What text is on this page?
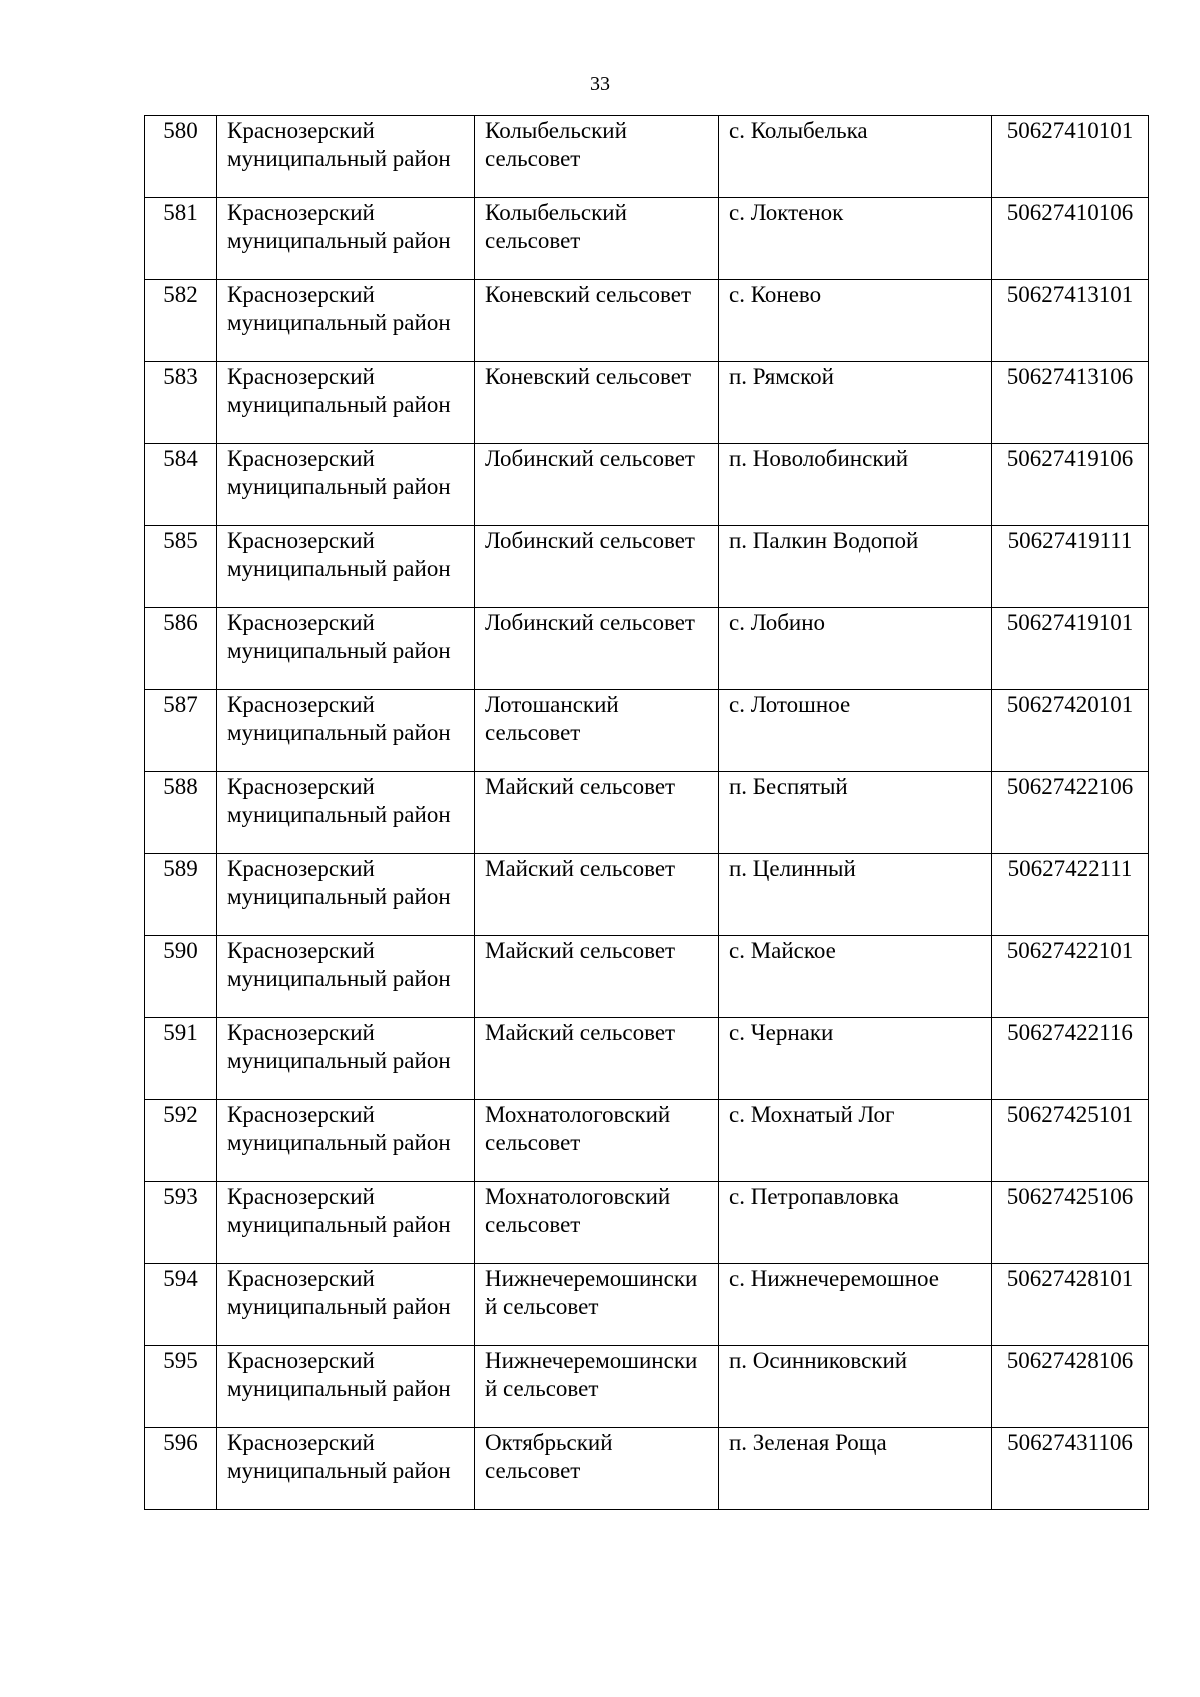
33
580	Краснозерский муниципальный район	Колыбельский сельсовет	с. Колыбелька	50627410101
581	Краснозерский муниципальный район	Колыбельский сельсовет	с. Локтенок	50627410106
582	Краснозерский муниципальный район	Коневский сельсовет	с. Конево	50627413101
583	Краснозерский муниципальный район	Коневский сельсовет	п. Рямской	50627413106
584	Краснозерский муниципальный район	Лобинский сельсовет	п. Новолобинский	50627419106
585	Краснозерский муниципальный район	Лобинский сельсовет	п. Палкин Водопой	50627419111
586	Краснозерский муниципальный район	Лобинский сельсовет	с. Лобино	50627419101
587	Краснозерский муниципальный район	Лотошанский сельсовет	с. Лотошное	50627420101
588	Краснозерский муниципальный район	Майский сельсовет	п. Беспятый	50627422106
589	Краснозерский муниципальный район	Майский сельсовет	п. Целинный	50627422111
590	Краснозерский муниципальный район	Майский сельсовет	с. Майское	50627422101
591	Краснозерский муниципальный район	Майский сельсовет	с. Чернаки	50627422116
592	Краснозерский муниципальный район	Мохнатологовский сельсовет	с. Мохнатый Лог	50627425101
593	Краснозерский муниципальный район	Мохнатологовский сельсовет	с. Петропавловка	50627425106
594	Краснозерский муниципальный район	Нижнечеремошинский сельсовет	с. Нижнечеремошное	50627428101
595	Краснозерский муниципальный район	Нижнечеремошинский сельсовет	п. Осинниковский	50627428106
596	Краснозерский муниципальный район	Октябрьский сельсовет	п. Зеленая Роща	50627431106
